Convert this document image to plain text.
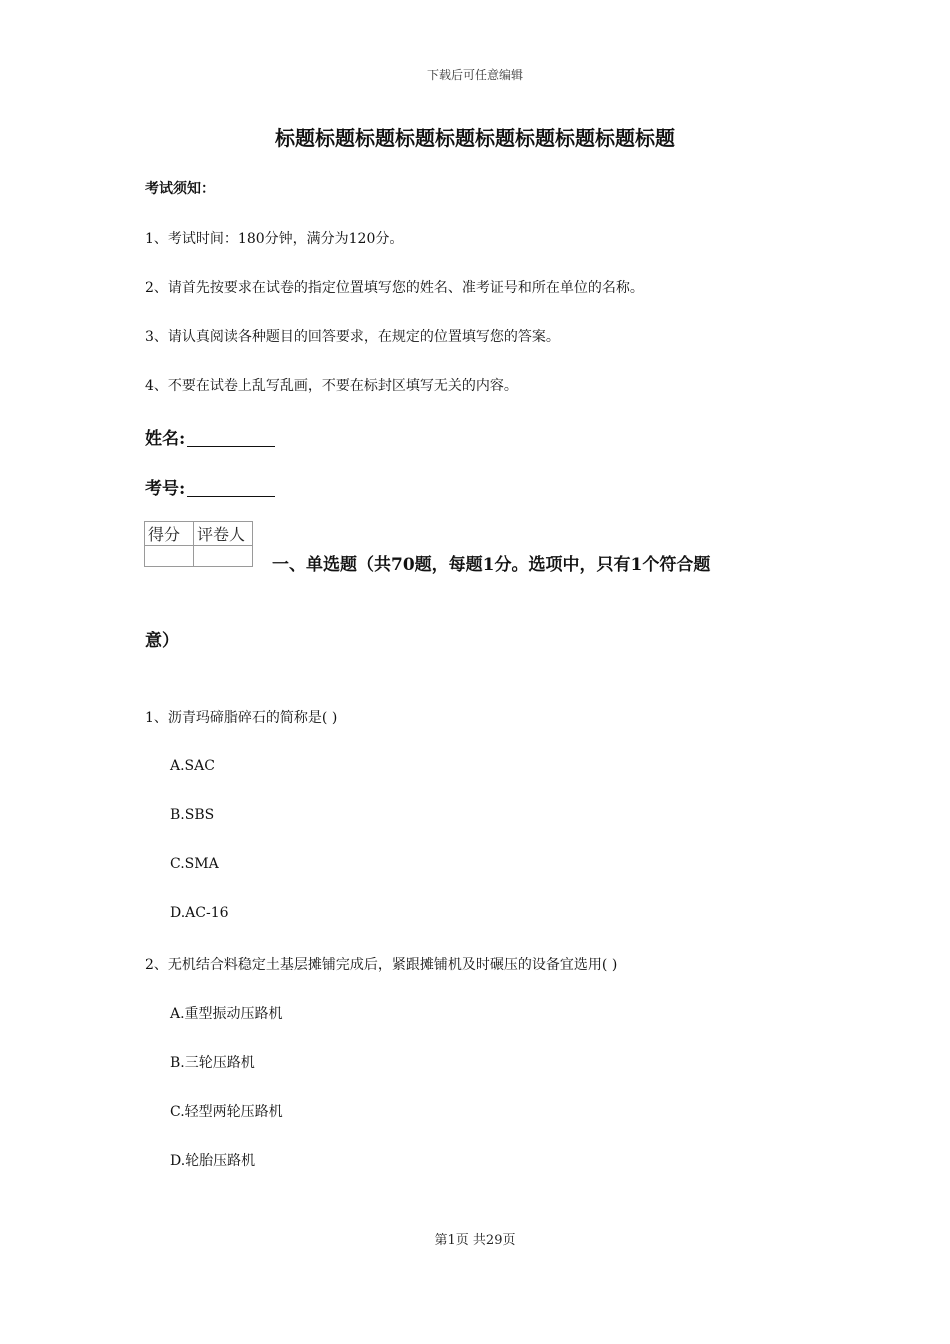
下载后可任意编辑
标题标题标题标题标题标题标题标题标题标题
考试须知：
1、考试时间：180分钟，满分为120分。
2、请首先按要求在试卷的指定位置填写您的姓名、准考证号和所在单位的名称。
3、请认真阅读各种题目的回答要求，在规定的位置填写您的答案。
4、不要在试卷上乱写乱画，不要在标封区填写无关的内容。
姓名:
考号:
得分	评卷人

一、单选题（共70题，每题1分。选项中，只有1个符合题
意）
1、沥青玛碲脂碎石的简称是( )
A.SAC
B.SBS
C.SMA
D.AC-16
2、无机结合料稳定土基层摊铺完成后，紧跟摊铺机及时碾压的设备宜选用( )
A.重型振动压路机
B.三轮压路机
C.轻型两轮压路机
D.轮胎压路机
第1页 共29页
